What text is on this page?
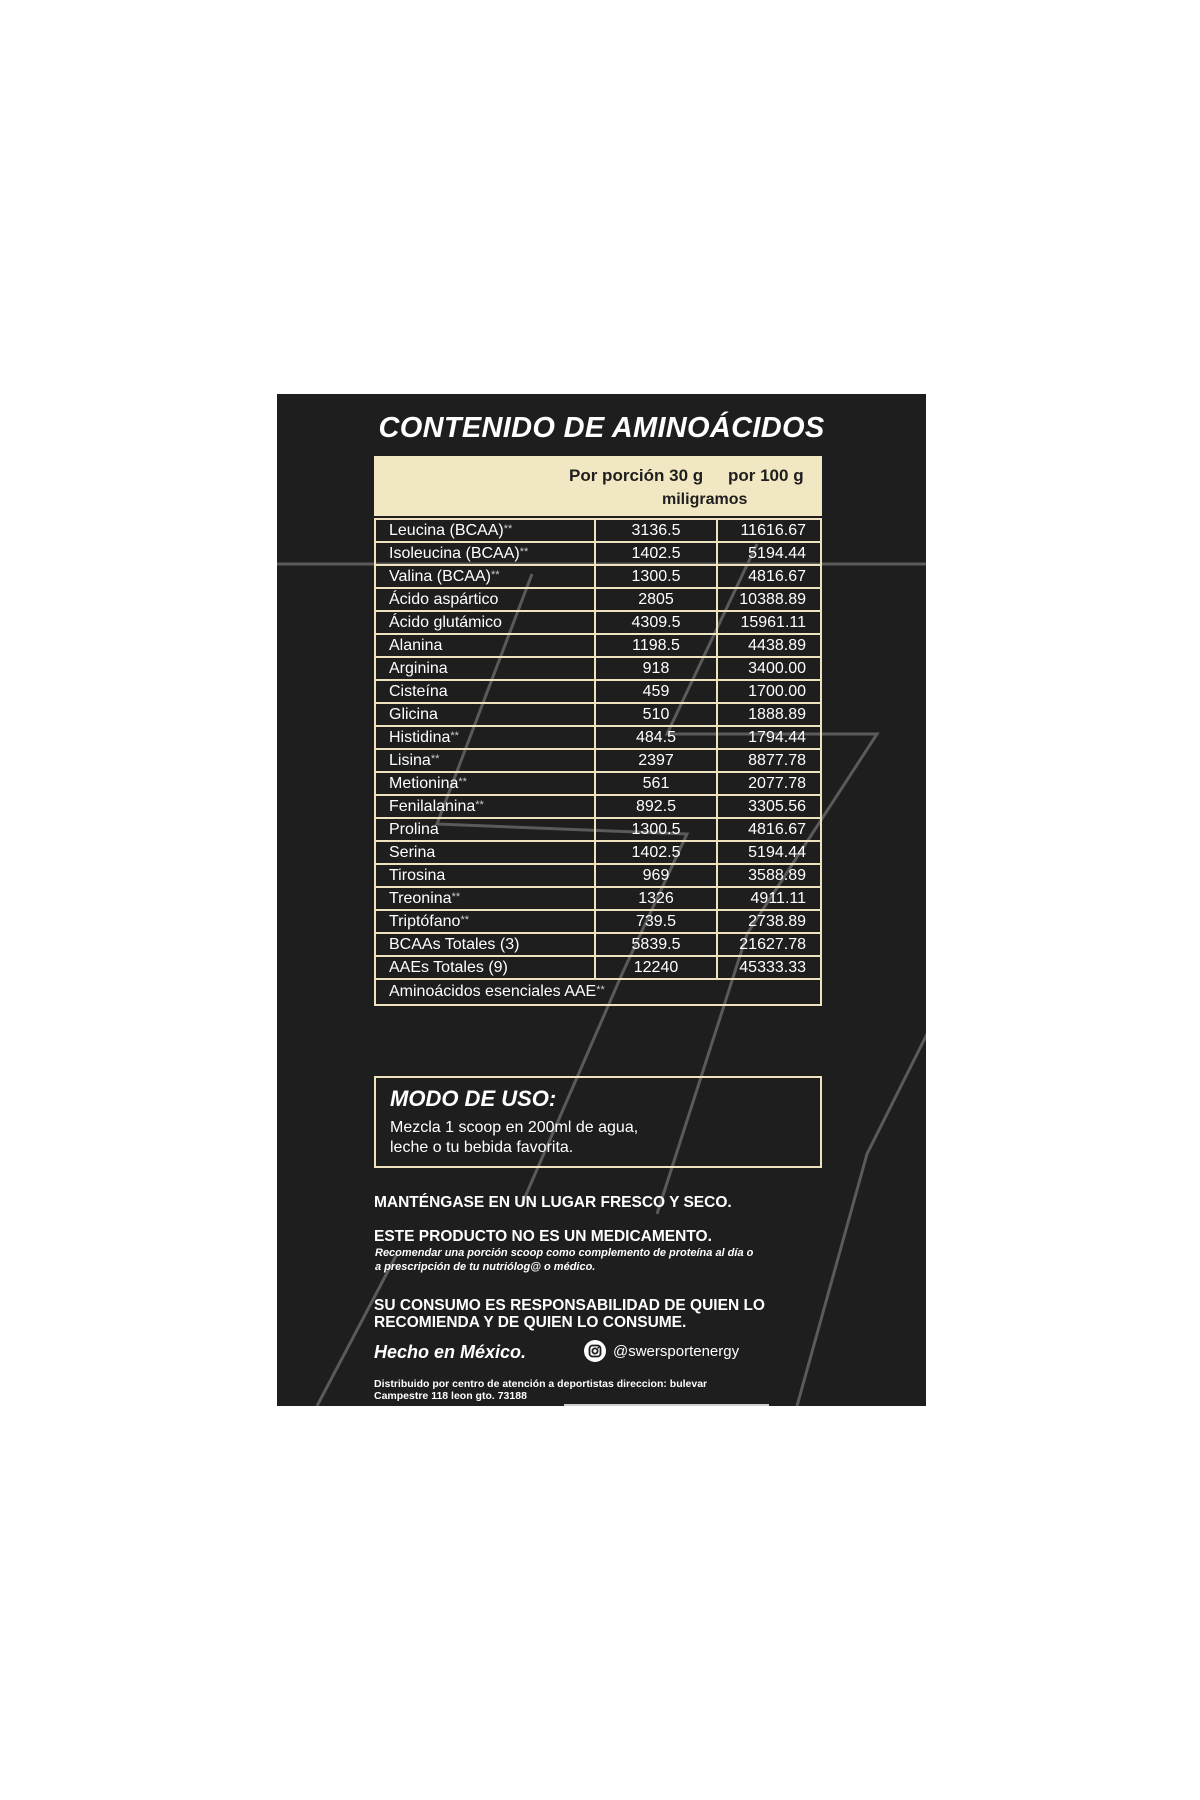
CONTENIDO DE AMINOÁCIDOS
Por porción 30 g por 100 g
miligramos
Leucina (BCAA)**	3136.5	11616.67
Isoleucina (BCAA)**	1402.5	5194.44
Valina (BCAA)**	1300.5	4816.67
Ácido aspártico	2805	10388.89
Ácido glutámico	4309.5	15961.11
Alanina	1198.5	4438.89
Arginina	918	3400.00
Cisteína	459	1700.00
Glicina	510	1888.89
Histidina**	484.5	1794.44
Lisina**	2397	8877.78
Metionina**	561	2077.78
Fenilalanina**	892.5	3305.56
Prolina	1300.5	4816.67
Serina	1402.5	5194.44
Tirosina	969	3588.89
Treonina**	1326	4911.11
Triptófano**	739.5	2738.89
BCAAs Totales (3)	5839.5	21627.78
AAEs Totales (9)	12240	45333.33
Aminoácidos esenciales AAE**
MODO DE USO:
Mezcla 1 scoop en 200ml de agua,
leche o tu bebida favorita.
MANTÉNGASE EN UN LUGAR FRESCO Y SECO.
ESTE PRODUCTO NO ES UN MEDICAMENTO.
Recomendar una porción scoop como complemento de proteína al día o
a prescripción de tu nutriólog@ o médico.
SU CONSUMO ES RESPONSABILIDAD DE QUIEN LO
RECOMIENDA Y DE QUIEN LO CONSUME.
Hecho en México.	@swersportenergy
Distribuido por centro de atención a deportistas direccion: bulevar
Campestre 118 leon gto. 73188
